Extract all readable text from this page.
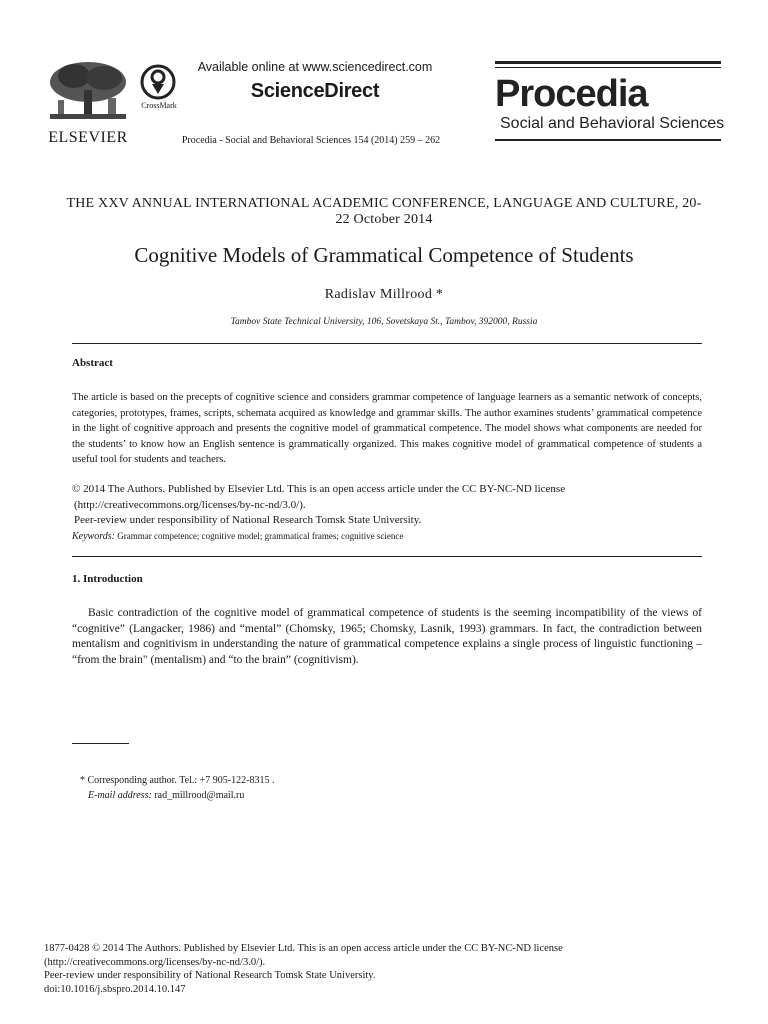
ELSEVIER
CrossMark
Available online at www.sciencedirect.com
ScienceDirect
Procedia - Social and Behavioral Sciences 154 (2014) 259 – 262
Procedia
Social and Behavioral Sciences
THE XXV ANNUAL INTERNATIONAL ACADEMIC CONFERENCE, LANGUAGE AND CULTURE, 20-22 October 2014
Cognitive Models of Grammatical Competence of Students
Radislav Millrood *
Tambov State Technical University, 106, Sovetskaya St., Tambov, 392000, Russia
Abstract
The article is based on the precepts of cognitive science and considers grammar competence of language learners as a semantic network of concepts, categories, prototypes, frames, scripts, schemata acquired as knowledge and grammar skills. The author examines students’ grammatical competence in the light of cognitive approach and presents the cognitive model of grammatical competence. The model shows what components are needed for the students’ to know how an English sentence is grammatically organized. This makes cognitive model of grammatical competence of students a useful tool for students and teachers.
© 2014 The Authors. Published by Elsevier Ltd. This is an open access article under the CC BY-NC-ND license
(http://creativecommons.org/licenses/by-nc-nd/3.0/).
Peer-review under responsibility of National Research Tomsk State University.
Keywords: Grammar competence; cognitive model; grammatical frames; cognitive science
1. Introduction
Basic contradiction of the cognitive model of grammatical competence of students is the seeming incompatibility of the views of “cognitive” (Langacker, 1986) and “mental” (Chomsky, 1965; Chomsky, Lasnik, 1993) grammars. In fact, the contradiction between mentalism and cognitivism in understanding the nature of grammatical competence explains a single process of linguistic functioning – “from the brain" (mentalism) and “to the brain” (cognitivism).
* Corresponding author. Tel.: +7 905-122-8315 .
E-mail address: rad_millrood@mail.ru
1877-0428 © 2014 The Authors. Published by Elsevier Ltd. This is an open access article under the CC BY-NC-ND license
(http://creativecommons.org/licenses/by-nc-nd/3.0/).
Peer-review under responsibility of National Research Tomsk State University.
doi:10.1016/j.sbspro.2014.10.147
